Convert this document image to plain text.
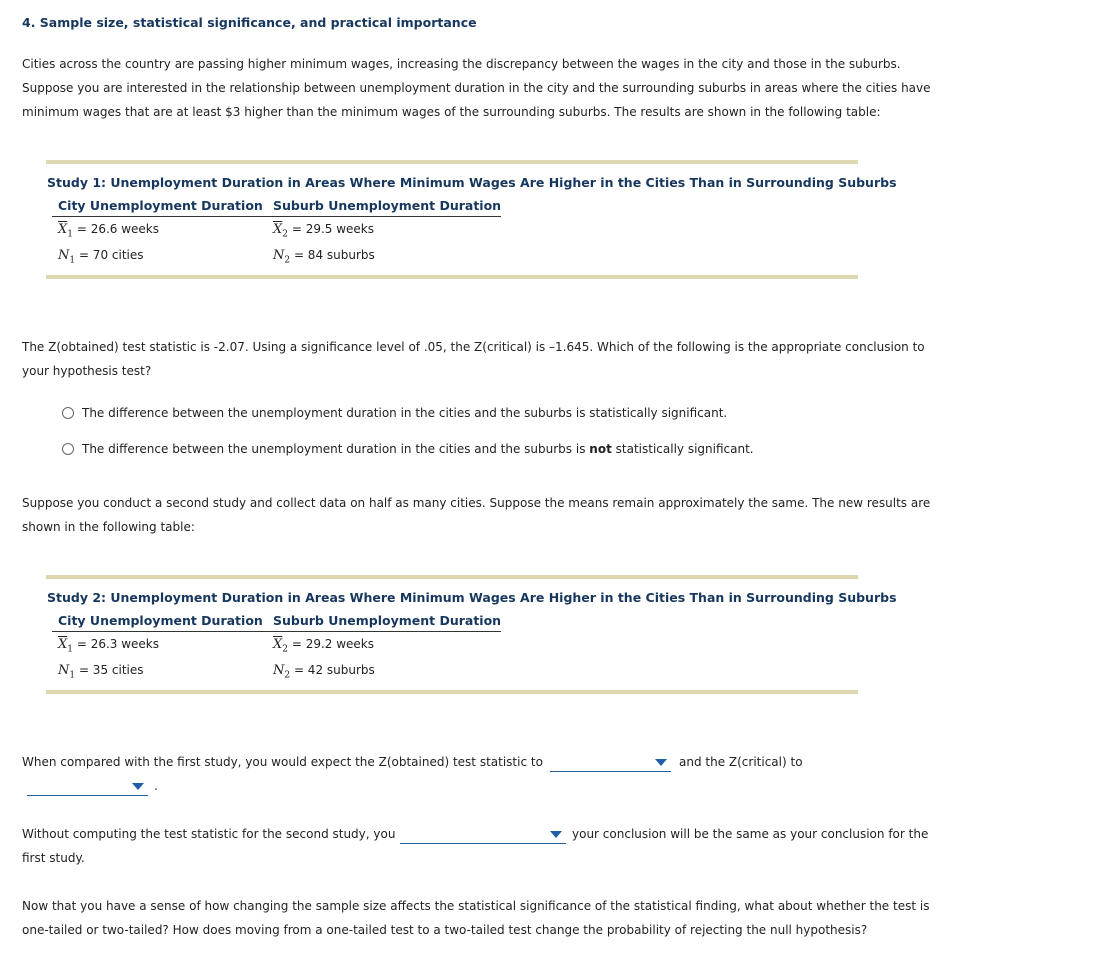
4. Sample size, statistical significance, and practical importance
Cities across the country are passing higher minimum wages, increasing the discrepancy between the wages in the city and those in the suburbs.
Suppose you are interested in the relationship between unemployment duration in the city and the surrounding suburbs in areas where the cities have
minimum wages that are at least $3 higher than the minimum wages of the surrounding suburbs. The results are shown in the following table:
Study 1: Unemployment Duration in Areas Where Minimum Wages Are Higher in the Cities Than in Surrounding Suburbs
City Unemployment Duration Suburb Unemployment Duration
$\overline{X}_1 = 26.6$ weeks	$\overline{X}_2 = 29.5$ weeks
$N_1 = 70$ cities	$N_2 = 84$ suburbs
The Z(obtained) test statistic is -2.07. Using a significance level of .05, the Z(critical) is –1.645. Which of the following is the appropriate conclusion to
your hypothesis test?
The difference between the unemployment duration in the cities and the suburbs is statistically significant.
The difference between the unemployment duration in the cities and the suburbs is
not
statistically significant.
Suppose you conduct a second study and collect data on half as many cities. Suppose the means remain approximately the same. The new results are
shown in the following table:
Study 2: Unemployment Duration in Areas Where Minimum Wages Are Higher in the Cities Than in Surrounding Suburbs
City Unemployment Duration Suburb Unemployment Duration
$\overline{X}_1 = 26.3$ weeks	$\overline{X}_2 = 29.2$ weeks
$N_1 = 35$ cities	$N_2 = 42$ suburbs
When compared with the first study, you would expect the Z(obtained) test statistic to	and the Z(critical) to
.
Without computing the test statistic for the second study, you	your conclusion will be the same as your conclusion for the
first study.
Now that you have a sense of how changing the sample size affects the statistical significance of the statistical finding, what about whether the test is
one-tailed or two-tailed? How does moving from a one-tailed test to a two-tailed test change the probability of rejecting the null hypothesis?
